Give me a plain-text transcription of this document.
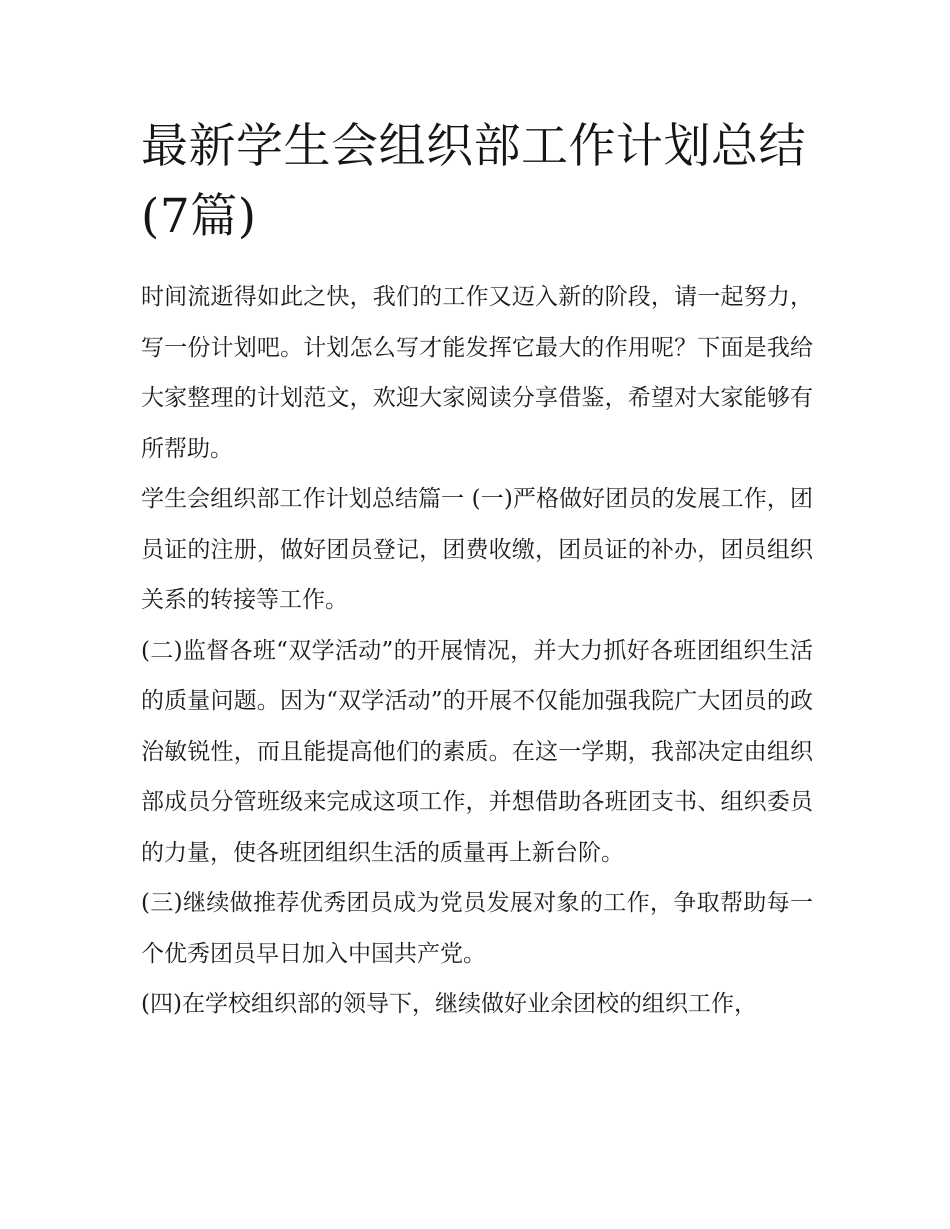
最新学生会组织部工作计划总结(7篇)

时间流逝得如此之快，我们的工作又迈入新的阶段，请一起努力，写一份计划吧。计划怎么写才能发挥它最大的作用呢？下面是我给大家整理的计划范文，欢迎大家阅读分享借鉴，希望对大家能够有所帮助。

学生会组织部工作计划总结篇一 (一)严格做好团员的发展工作，团员证的注册，做好团员登记，团费收缴，团员证的补办，团员组织关系的转接等工作。

(二)监督各班“双学活动”的开展情况，并大力抓好各班团组织生活的质量问题。因为“双学活动”的开展不仅能加强我院广大团员的政治敏锐性，而且能提高他们的素质。在这一学期，我部决定由组织部成员分管班级来完成这项工作，并想借助各班团支书、组织委员的力量，使各班团组织生活的质量再上新台阶。

(三)继续做推荐优秀团员成为党员发展对象的工作，争取帮助每一个优秀团员早日加入中国共产党。

(四)在学校组织部的领导下，继续做好业余团校的组织工作，
